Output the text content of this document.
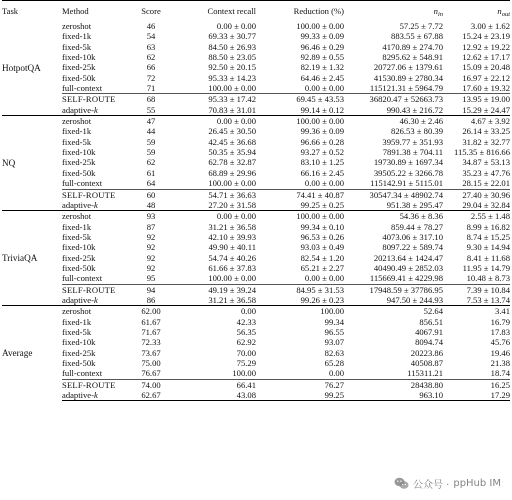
Task	Method	Score	Context recall	Reduction (%)	$n_{in}$	$n_{out}$
HotpotQA	zeroshot	46	0.00 ± 0.00	100.00 ± 0.00	57.25 ± 7.72	3.00 ± 1.62
	fixed-1k	54	69.33 ± 30.77	99.33 ± 0.09	883.55 ± 67.88	15.24 ± 23.19
	fixed-5k	63	84.50 ± 26.93	96.46 ± 0.29	4170.89 ± 274.70	12.92 ± 19.22
	fixed-10k	62	88.50 ± 23.05	92.89 ± 0.55	8295.62 ± 548.91	12.62 ± 17.17
	fixed-25k	66	92.50 ± 20.15	82.19 ± 1.32	20727.06 ± 1379.61	15.09 ± 20.48
	fixed-50k	72	95.33 ± 14.23	64.46 ± 2.45	41530.89 ± 2780.34	16.97 ± 22.12
	full-context	71	100.00 ± 0.00	0.00 ± 0.00	115121.31 ± 5964.79	17.60 ± 19.32
	SELF-ROUTE	68	95.33 ± 17.42	69.45 ± 43.53	36820.47 ± 52663.73	13.95 ± 19.00
	adaptive-k	55	70.83 ± 31.01	99.14 ± 0.12	990.43 ± 216.72	15.29 ± 24.47
NQ	zeroshot	47	0.00 ± 0.00	100.00 ± 0.00	46.30 ± 2.46	4.67 ± 3.92
	fixed-1k	44	26.45 ± 30.50	99.36 ± 0.09	826.53 ± 80.39	26.14 ± 33.25
	fixed-5k	59	42.45 ± 36.68	96.66 ± 0.28	3959.77 ± 351.93	31.82 ± 32.77
	fixed-10k	59	50.35 ± 35.94	93.27 ± 0.52	7891.38 ± 704.11	115.35 ± 816.66
	fixed-25k	62	62.78 ± 32.87	83.10 ± 1.25	19730.89 ± 1697.34	34.87 ± 53.13
	fixed-50k	61	68.89 ± 29.96	66.16 ± 2.45	39505.22 ± 3266.78	35.23 ± 47.76
	full-context	64	100.00 ± 0.00	0.00 ± 0.00	115142.91 ± 5115.01	28.15 ± 22.01
	SELF-ROUTE	60	54.71 ± 36.63	74.41 ± 40.87	30547.34 ± 48902.74	27.40 ± 30.96
	adaptive-k	48	27.20 ± 31.58	99.25 ± 0.25	951.38 ± 295.47	29.04 ± 32.84
TriviaQA	zeroshot	93	0.00 ± 0.00	100.00 ± 0.00	54.36 ± 8.36	2.55 ± 1.48
	fixed-1k	87	31.21 ± 36.58	99.34 ± 0.10	859.44 ± 78.27	8.99 ± 16.82
	fixed-5k	92	42.10 ± 39.93	96.53 ± 0.26	4073.06 ± 317.10	8.74 ± 15.25
	fixed-10k	92	49.90 ± 40.11	93.03 ± 0.49	8097.22 ± 589.74	9.30 ± 14.94
	fixed-25k	92	54.74 ± 40.26	82.54 ± 1.20	20213.64 ± 1424.47	8.41 ± 11.68
	fixed-50k	92	61.66 ± 37.83	65.21 ± 2.27	40490.49 ± 2852.03	11.95 ± 14.79
	full-context	95	100.00 ± 0.00	0.00 ± 0.00	115669.41 ± 4229.98	10.48 ± 8.73
	SELF-ROUTE	94	49.19 ± 39.24	84.95 ± 31.53	17948.59 ± 37786.95	7.39 ± 10.84
	adaptive-k	86	31.21 ± 36.58	99.26 ± 0.23	947.50 ± 244.93	7.53 ± 13.74
Average	zeroshot	62.00	0.00	100.00	52.64	3.41
	fixed-1k	61.67	42.33	99.34	856.51	16.79
	fixed-5k	71.67	56.35	96.55	4067.91	17.83
	fixed-10k	72.33	62.92	93.07	8094.74	45.76
	fixed-25k	73.67	70.00	82.63	20223.86	19.46
	fixed-50k	75.00	75.29	65.28	40508.87	21.38
	full-context	76.67	100.00	0.00	115311.21	18.74
	SELF-ROUTE	74.00	66.41	76.27	28438.80	16.25
	adaptive-k	62.67	43.08	99.25	963.10	17.29
公众号 · ppHub IM
